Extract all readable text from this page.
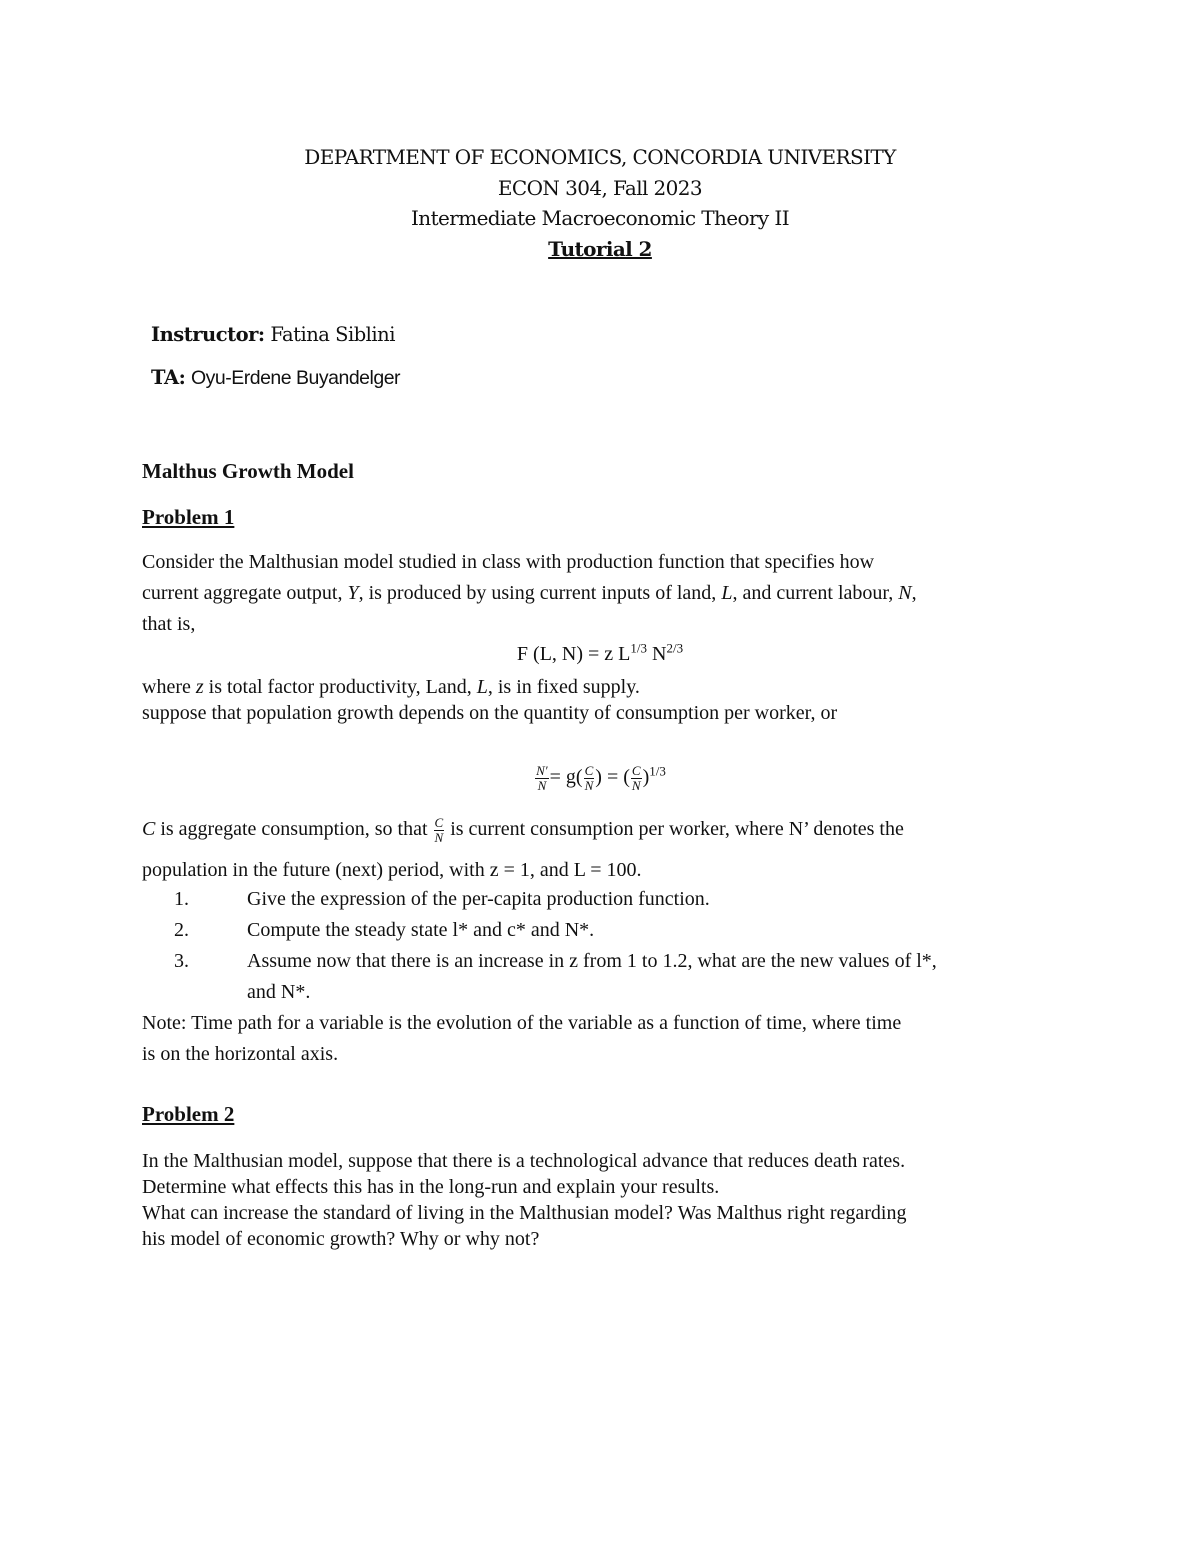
DEPARTMENT OF ECONOMICS, CONCORDIA UNIVERSITY
ECON 304, Fall 2023
Intermediate Macroeconomic Theory II
Tutorial 2
Instructor: Fatina Siblini
TA: Oyu-Erdene Buyandelger
Malthus Growth Model
Problem 1
Consider the Malthusian model studied in class with production function that specifies how
current aggregate output, Y, is produced by using current inputs of land, L, and current labour, N,
that is,
F (L, N) = z $L^{1/3}$ $N^{2/3}$
where z is total factor productivity, Land, L, is in fixed supply.
suppose that population growth depends on the quantity of consumption per worker, or
$\frac{N'}{N} = g( \frac{C}{N}$ ) = ( $\frac{C}{N} )^{1/3}$
C is aggregate consumption, so that $\frac{C}{N}$ is current consumption per worker, where N’ denotes the
population in the future (next) period, with z = 1, and L = 100.
1.	Give the expression of the per-capita production function.
2.	Compute the steady state l* and c* and N*.
3.	Assume now that there is an increase in z from 1 to 1.2, what are the new values of l*,
and N*.
Note: Time path for a variable is the evolution of the variable as a function of time, where time
is on the horizontal axis.
Problem 2
In the Malthusian model, suppose that there is a technological advance that reduces death rates.
Determine what effects this has in the long-run and explain your results.
What can increase the standard of living in the Malthusian model? Was Malthus right regarding
his model of economic growth? Why or why not?
